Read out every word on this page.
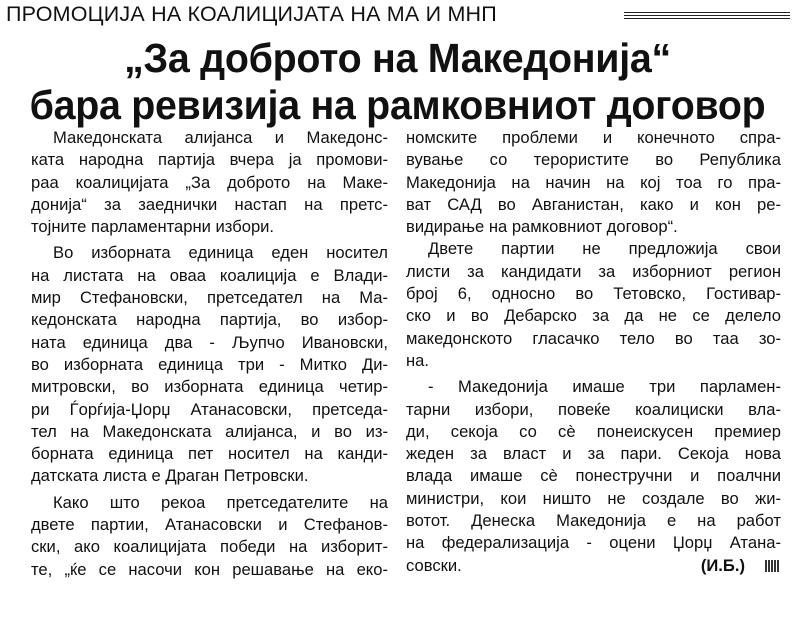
ПРОМОЦИЈА НА КОАЛИЦИЈАТА НА МА И МНП
„За доброто на Македонија“
бара ревизија на рамковниот договор
Македонската алијанса и Македонс-
ката народна партија вчера ја промови-
раа коалицијата „За доброто на Маке-
донија“ за заеднички настап на претс-
тојните парламентарни избори.
Во изборната единица еден носител
на листата на оваа коалиција е Влади-
мир Стефановски, претседател на Ма-
кедонската народна партија, во избор-
ната единица два - Љупчо Ивановски,
во изборната единица три - Митко Ди-
митровски, во изборната единица четир-
ри Ѓорѓија-Џорџ Атанасовски, претседа-
тел на Македонската алијанса, и во из-
борната единица пет носител на канди-
датската листа е Драган Петровски.
Како што рекоа претседателите на
двете партии, Атанасовски и Стефанов-
ски, ако коалицијата победи на изборит-
те, „ќе се насочи кон решавање на еко-
номските проблеми и конечното спра-
вување со терористите во Република
Македонија на начин на кој тоа го пра-
ват САД во Авганистан, како и кон ре-
видирање на рамковниот договор“.
Двете партии не предложија свои
листи за кандидати за изборниот регион
број 6, односно во Тетовско, Гостивар-
ско и во Дебарско за да не се делело
македонското гласачко тело во таа зо-
на.
- Македонија имаше три парламен-
тарни избори, повеќе коалициски вла-
ди, секоја со сè понеискусен премиер
жеден за власт и за пари. Секоја нова
влада имаше сè понестручни и поалчни
министри, кои ништо не создале во жи-
вотот. Денеска Македонија е на работ
на федерализација - оцени Џорџ Атана-
совски.	(И.Б.)
